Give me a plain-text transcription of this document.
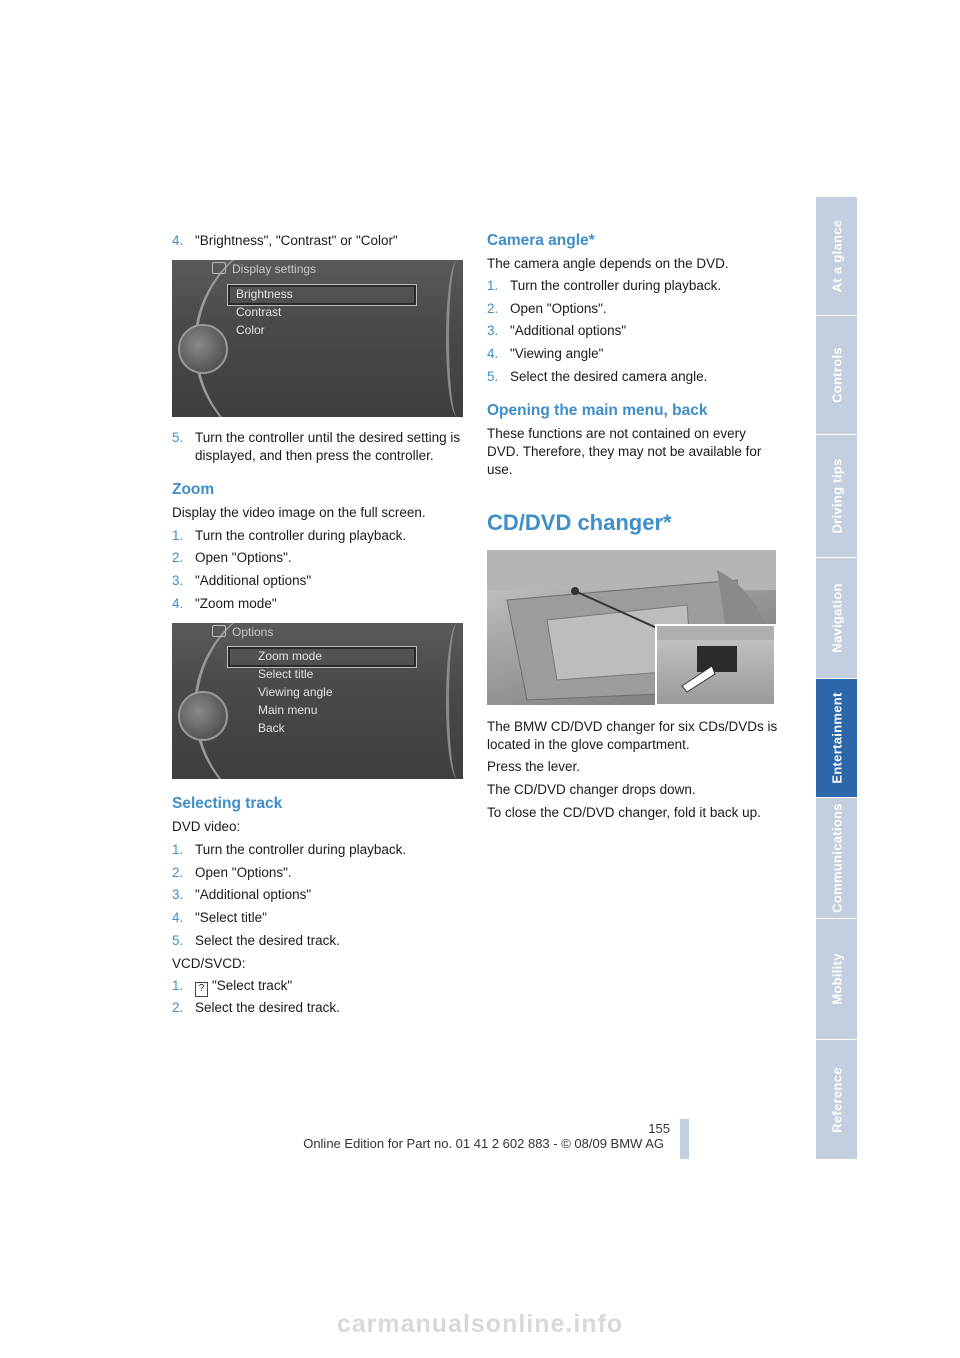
4. "Brightness", "Contrast" or "Color"
Display settings
Brightness
Contrast
Color
5. Turn the controller until the desired setting is displayed, and then press the controller.
Zoom
Display the video image on the full screen.
1. Turn the controller during playback.
2. Open "Options".
3. "Additional options"
4. "Zoom mode"
Options
Zoom mode
Select title
Viewing angle
Main menu
Back
Selecting track
DVD video:
1. Turn the controller during playback.
2. Open "Options".
3. "Additional options"
4. "Select title"
5. Select the desired track.
VCD/SVCD:
1. ? "Select track"
2. Select the desired track.
Camera angle*
The camera angle depends on the DVD.
1. Turn the controller during playback.
2. Open "Options".
3. "Additional options"
4. "Viewing angle"
5. Select the desired camera angle.
Opening the main menu, back
These functions are not contained on every DVD. Therefore, they may not be available for use.
CD/DVD changer*
The BMW CD/DVD changer for six CDs/DVDs is located in the glove compartment.
Press the lever.
The CD/DVD changer drops down.
To close the CD/DVD changer, fold it back up.
At a glance
Controls
Driving tips
Navigation
Entertainment
Communications
Mobility
Reference
155
Online Edition for Part no. 01 41 2 602 883 - © 08/09 BMW AG
carmanualsonline.info
